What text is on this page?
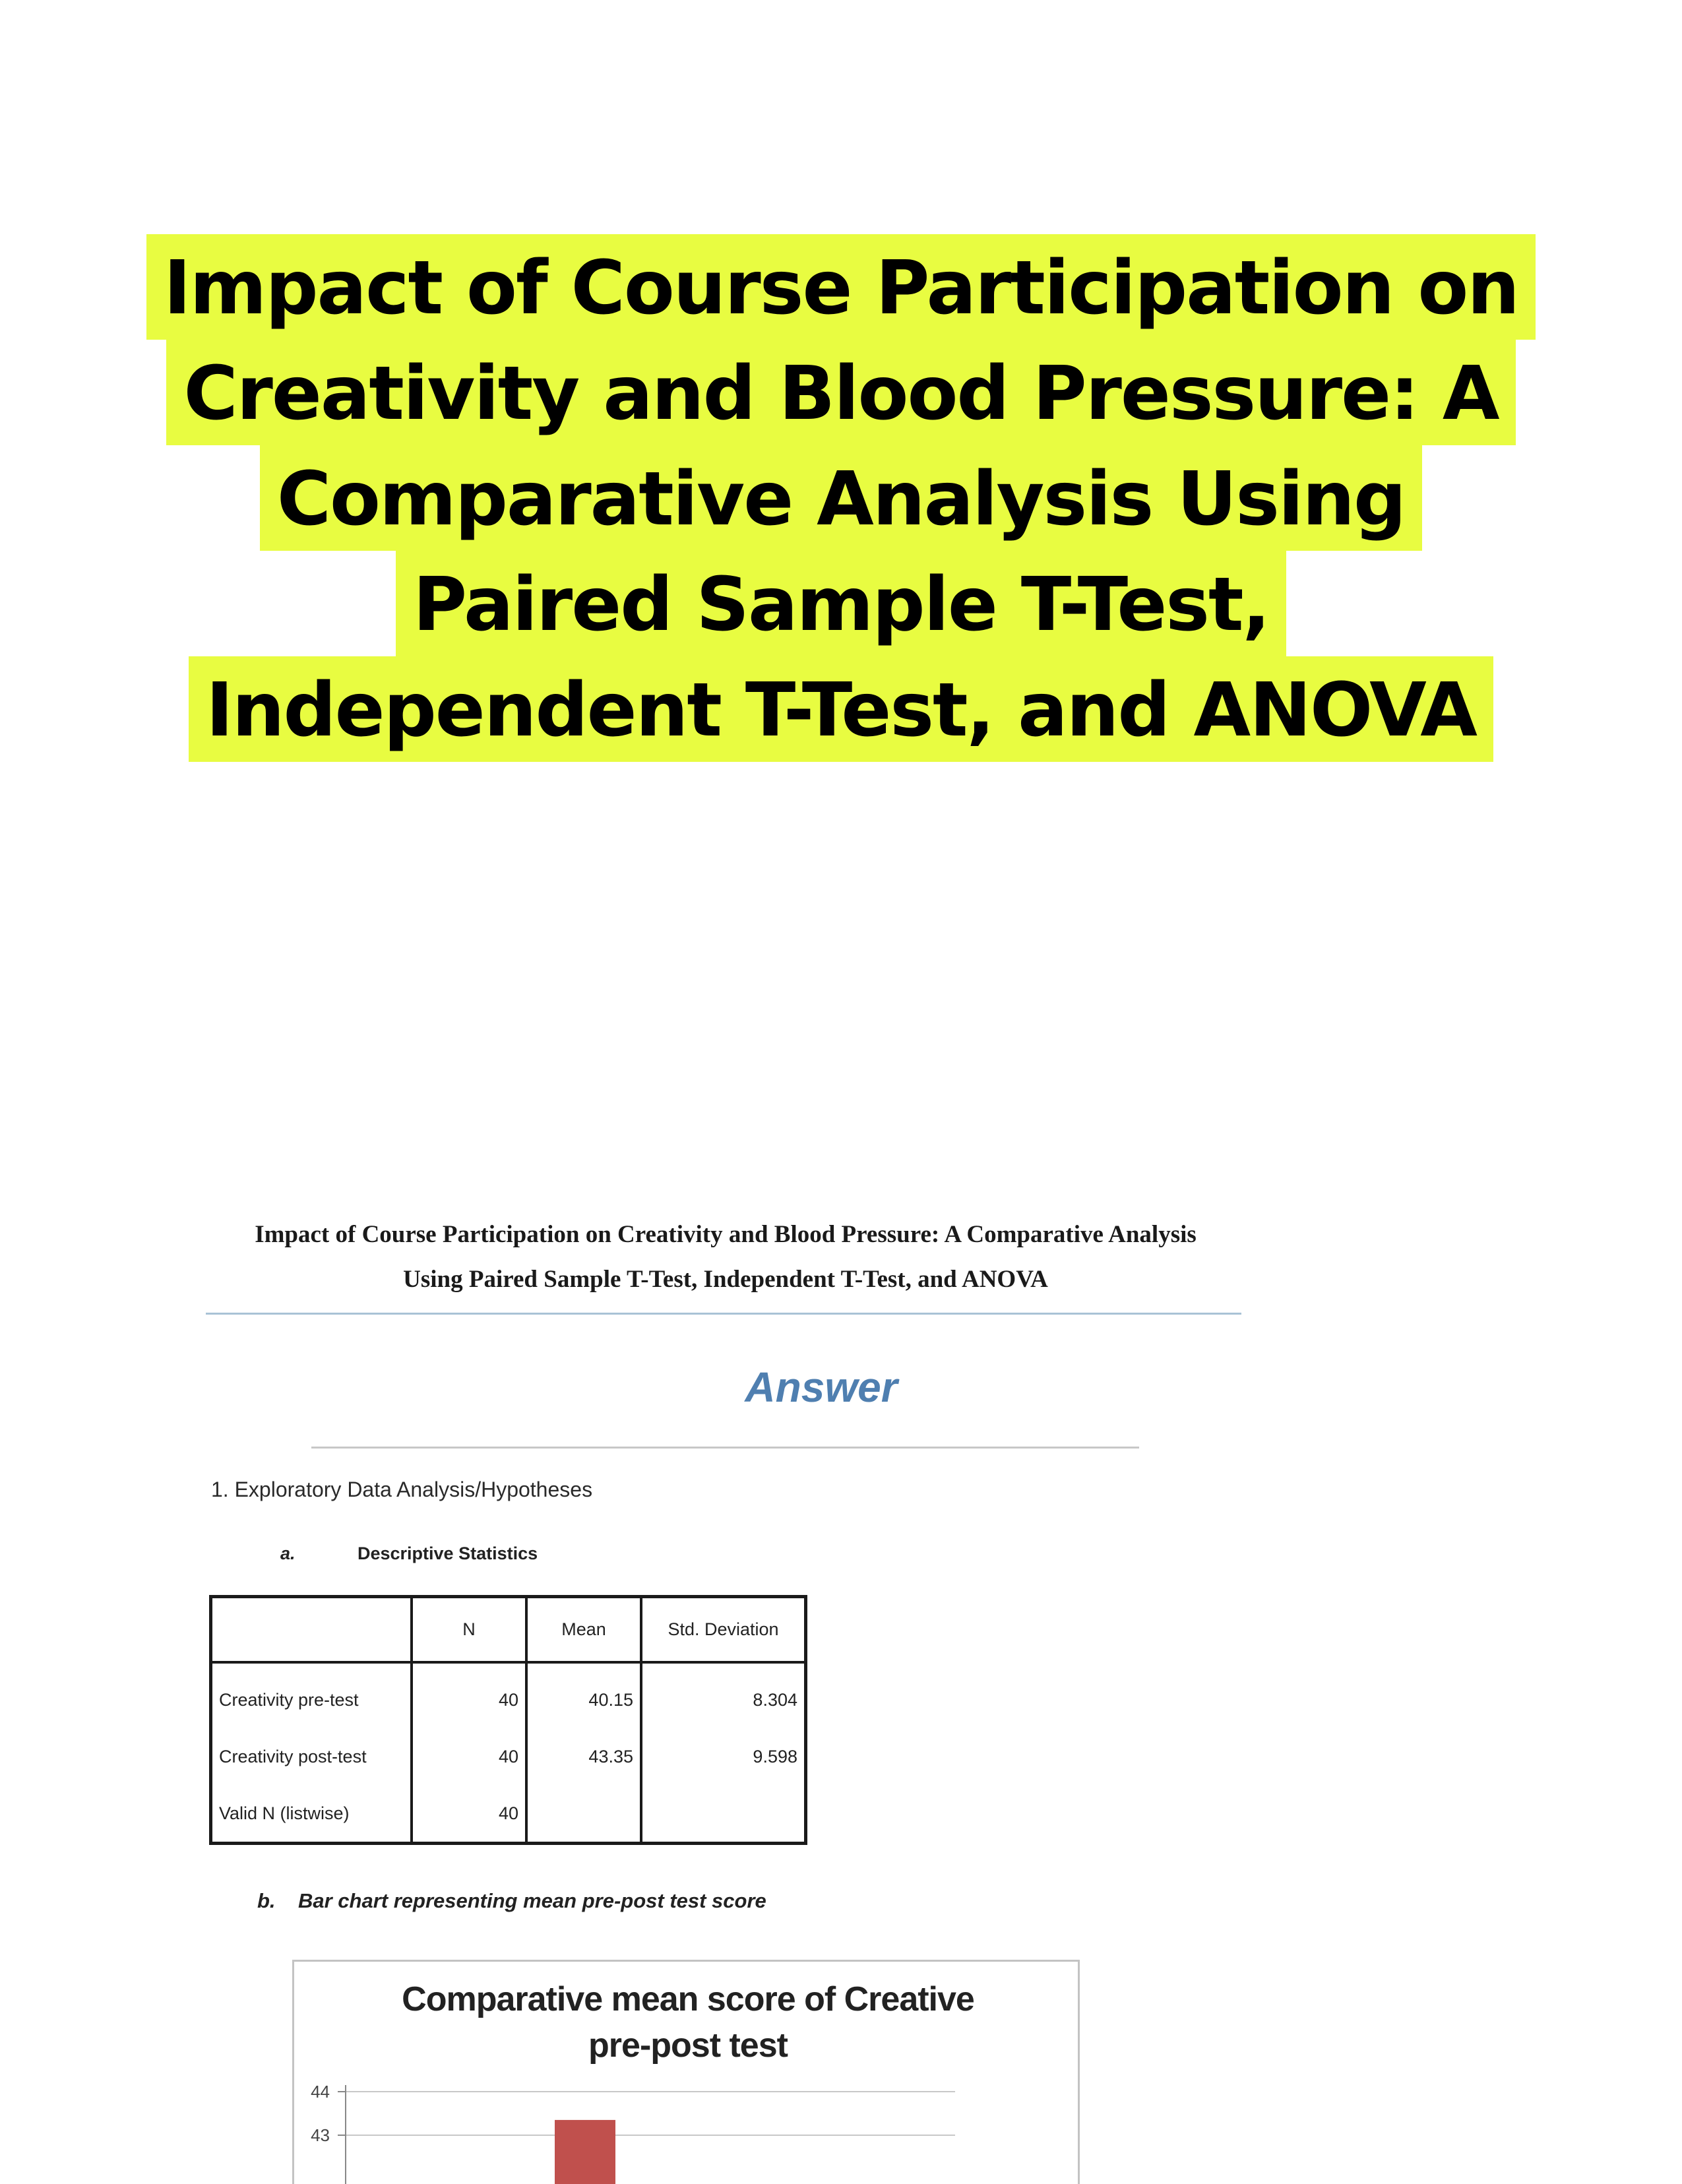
Impact of Course Participation on
Creativity and Blood Pressure: A
Comparative Analysis Using
Paired Sample T-Test,
Independent T-Test, and ANOVA
Impact of Course Participation on Creativity and Blood Pressure: A Comparative Analysis
Using Paired Sample T-Test, Independent T-Test, and ANOVA
Answer
1. Exploratory Data Analysis/Hypotheses
a.	Descriptive Statistics
	N	Mean	Std. Deviation
Creativity pre-test	40	40.15	8.304
Creativity post-test	40	43.35	9.598
Valid N (listwise)	40		
b. Bar chart representing mean pre-post test score
Comparative mean score of Creative
pre-post test
44
43
